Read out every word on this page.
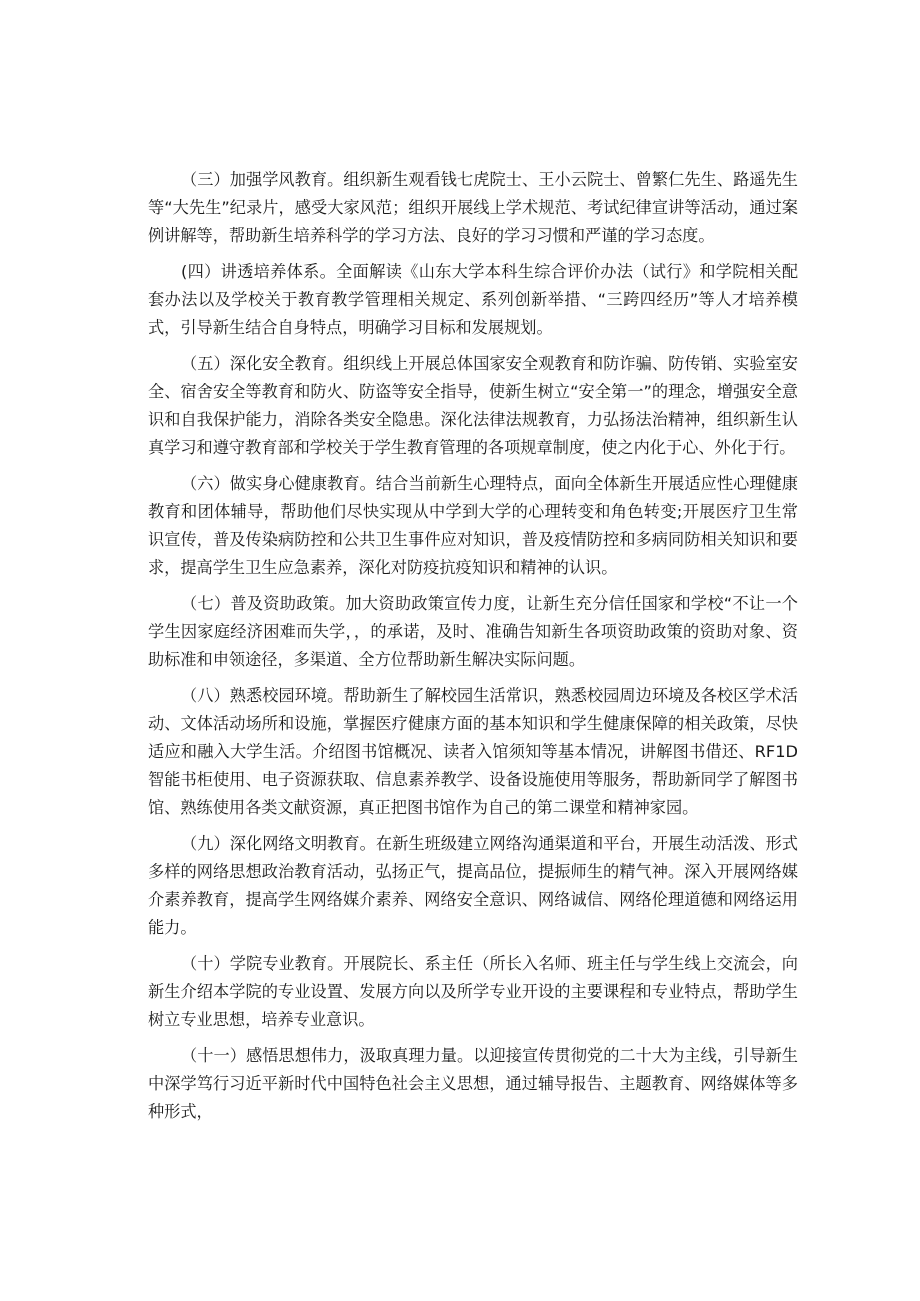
（三）加强学风教育。组织新生观看钱七虎院士、王小云院士、曾繁仁先生、路遥先生等“大先生”纪录片，感受大家风范；组织开展线上学术规范、考试纪律宣讲等活动，通过案例讲解等，帮助新生培养科学的学习方法、良好的学习习惯和严谨的学习态度。

(四）讲透培养体系。全面解读《山东大学本科生综合评价办法（试行》和学院相关配套办法以及学校关于教育教学管理相关规定、系列创新举措、“三跨四经历”等人才培养模式，引导新生结合自身特点，明确学习目标和发展规划。

（五）深化安全教育。组织线上开展总体国家安全观教育和防诈骗、防传销、实验室安全、宿舍安全等教育和防火、防盗等安全指导，使新生树立“安全第一”的理念，增强安全意识和自我保护能力，消除各类安全隐患。深化法律法规教育，力弘扬法治精神，组织新生认真学习和遵守教育部和学校关于学生教育管理的各项规章制度，使之内化于心、外化于行。

（六）做实身心健康教育。结合当前新生心理特点，面向全体新生开展适应性心理健康教育和团体辅导，帮助他们尽快实现从中学到大学的心理转变和角色转变;开展医疗卫生常识宣传，普及传染病防控和公共卫生事件应对知识，普及疫情防控和多病同防相关知识和要求，提高学生卫生应急素养，深化对防疫抗疫知识和精神的认识。

（七）普及资助政策。加大资助政策宣传力度，让新生充分信任国家和学校“不让一个学生因家庭经济困难而失学，，的承诺，及时、准确告知新生各项资助政策的资助对象、资助标准和申领途径，多渠道、全方位帮助新生解决实际问题。

（八）熟悉校园环境。帮助新生了解校园生活常识，熟悉校园周边环境及各校区学术活动、文体活动场所和设施，掌握医疗健康方面的基本知识和学生健康保障的相关政策，尽快适应和融入大学生活。介绍图书馆概况、读者入馆须知等基本情况，讲解图书借还、RF1D智能书柜使用、电子资源获取、信息素养教学、设备设施使用等服务，帮助新同学了解图书馆、熟练使用各类文献资源，真正把图书馆作为自己的第二课堂和精神家园。

（九）深化网络文明教育。在新生班级建立网络沟通渠道和平台，开展生动活泼、形式多样的网络思想政治教育活动，弘扬正气，提高品位，提振师生的精气神。深入开展网络媒介素养教育，提高学生网络媒介素养、网络安全意识、网络诚信、网络伦理道德和网络运用能力。

（十）学院专业教育。开展院长、系主任（所长入名师、班主任与学生线上交流会，向新生介绍本学院的专业设置、发展方向以及所学专业开设的主要课程和专业特点，帮助学生树立专业思想，培养专业意识。

（十一）感悟思想伟力，汲取真理力量。以迎接宣传贯彻党的二十大为主线，引导新生中深学笃行习近平新时代中国特色社会主义思想，通过辅导报告、主题教育、网络媒体等多种形式，
